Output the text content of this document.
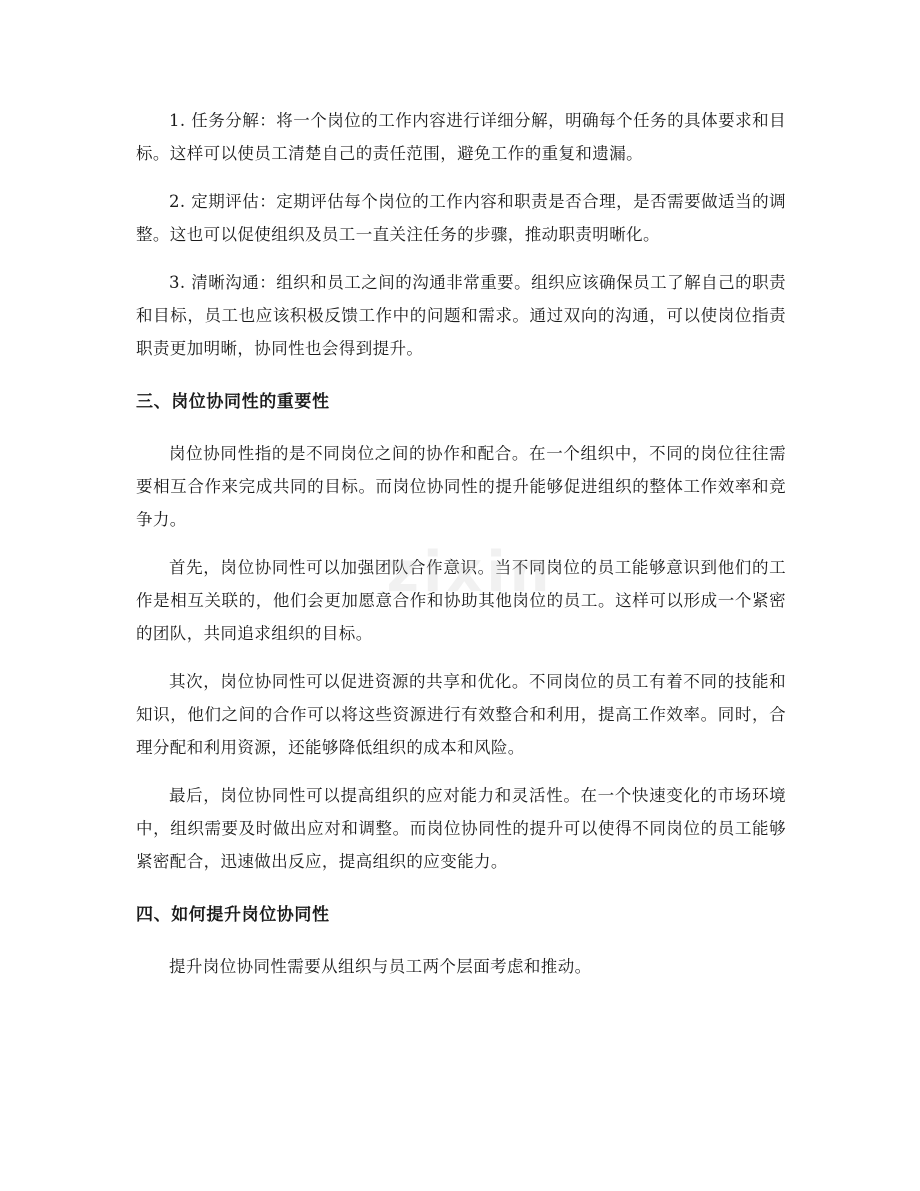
1. 任务分解：将一个岗位的工作内容进行详细分解，明确每个任务的具体要求和目标。这样可以使员工清楚自己的责任范围，避免工作的重复和遗漏。

2. 定期评估：定期评估每个岗位的工作内容和职责是否合理，是否需要做适当的调整。这也可以促使组织及员工一直关注任务的步骤，推动职责明晰化。

3. 清晰沟通：组织和员工之间的沟通非常重要。组织应该确保员工了解自己的职责和目标，员工也应该积极反馈工作中的问题和需求。通过双向的沟通，可以使岗位指责职责更加明晰，协同性也会得到提升。

三、岗位协同性的重要性

岗位协同性指的是不同岗位之间的协作和配合。在一个组织中，不同的岗位往往需要相互合作来完成共同的目标。而岗位协同性的提升能够促进组织的整体工作效率和竞争力。

首先，岗位协同性可以加强团队合作意识。当不同岗位的员工能够意识到他们的工作是相互关联的，他们会更加愿意合作和协助其他岗位的员工。这样可以形成一个紧密的团队，共同追求组织的目标。

其次，岗位协同性可以促进资源的共享和优化。不同岗位的员工有着不同的技能和知识，他们之间的合作可以将这些资源进行有效整合和利用，提高工作效率。同时，合理分配和利用资源，还能够降低组织的成本和风险。

最后，岗位协同性可以提高组织的应对能力和灵活性。在一个快速变化的市场环境中，组织需要及时做出应对和调整。而岗位协同性的提升可以使得不同岗位的员工能够紧密配合，迅速做出反应，提高组织的应变能力。

四、如何提升岗位协同性

提升岗位协同性需要从组织与员工两个层面考虑和推动。

zixin
